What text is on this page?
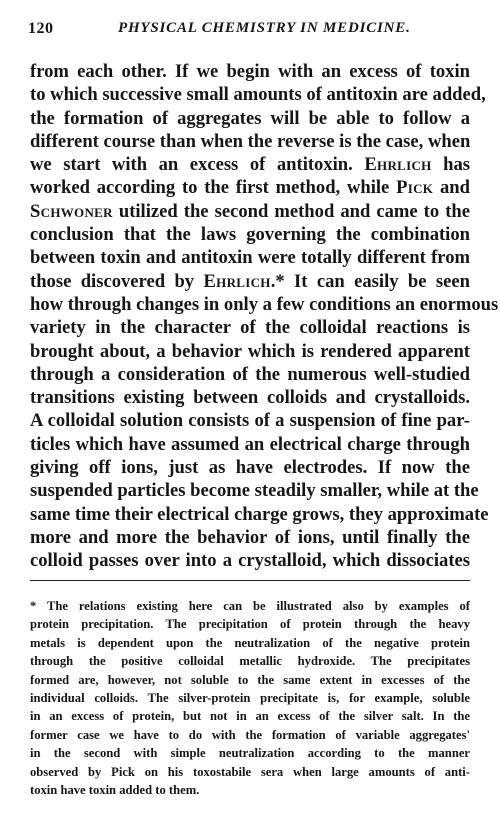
120	PHYSICAL CHEMISTRY IN MEDICINE.
from each other. If we begin with an excess of toxin
to which successive small amounts of antitoxin are added,
the formation of aggregates will be able to follow a
different course than when the reverse is the case, when
we start with an excess of antitoxin. Ehrlich has
worked according to the first method, while Pick and
Schwoner utilized the second method and came to the
conclusion that the laws governing the combination
between toxin and antitoxin were totally different from
those discovered by Ehrlich.* It can easily be seen
how through changes in only a few conditions an enormous
variety in the character of the colloidal reactions is
brought about, a behavior which is rendered apparent
through a consideration of the numerous well-studied
transitions existing between colloids and crystalloids.
A colloidal solution consists of a suspension of fine par-
ticles which have assumed an electrical charge through
giving off ions, just as have electrodes. If now the
suspended particles become steadily smaller, while at the
same time their electrical charge grows, they approximate
more and more the behavior of ions, until finally the
colloid passes over into a crystalloid, which dissociates
* The relations existing here can be illustrated also by examples of
protein precipitation. The precipitation of protein through the heavy
metals is dependent upon the neutralization of the negative protein
through the positive colloidal metallic hydroxide. The precipitates
formed are, however, not soluble to the same extent in excesses of the
individual colloids. The silver-protein precipitate is, for example, soluble
in an excess of protein, but not in an excess of the silver salt. In the
former case we have to do with the formation of variable aggregates'
in the second with simple neutralization according to the manner
observed by Pick on his toxostabile sera when large amounts of anti-
toxin have toxin added to them.
